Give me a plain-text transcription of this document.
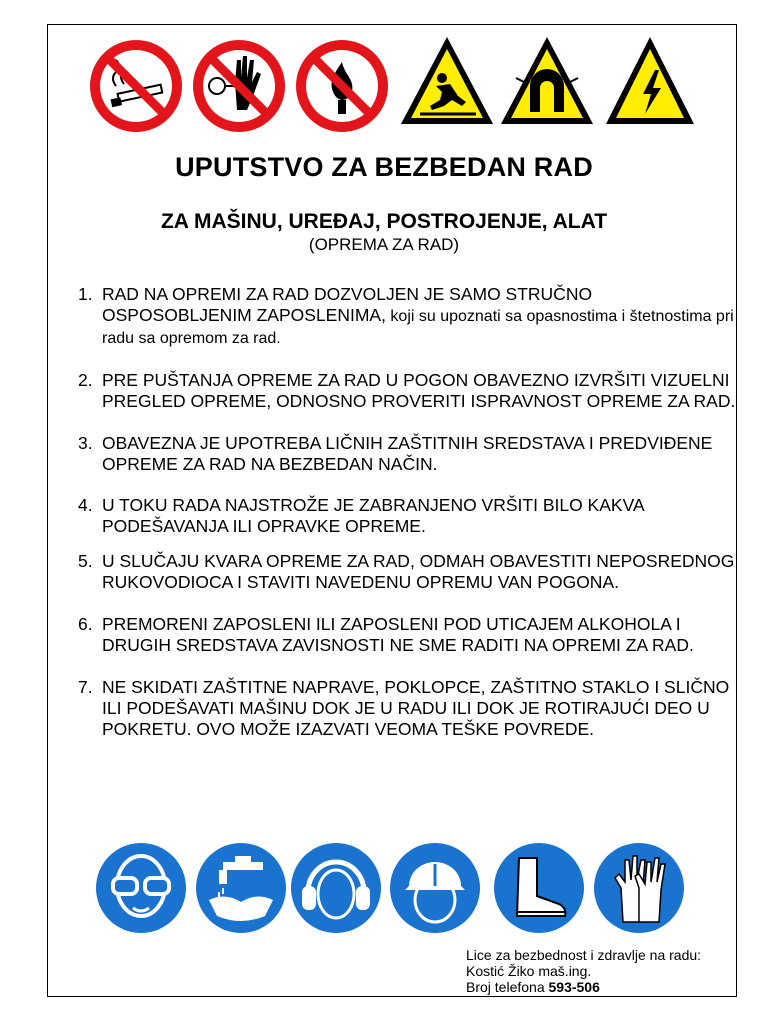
UPUTSTVO ZA BEZBEDAN RAD
ZA MAŠINU, UREĐAJ, POSTROJENJE, ALAT
(OPREMA ZA RAD)
1. RAD NA OPREMI ZA RAD DOZVOLJEN JE SAMO STRUČNO OSPOSOBLJENIM ZAPOSLENIMA, koji su upoznati sa opasnostima i štetnostima pri radu sa opremom za rad.
2. PRE PUŠTANJA OPREME ZA RAD U POGON OBAVEZNO IZVRŠITI VIZUELNI PREGLED OPREME, ODNOSNO PROVERITI ISPRAVNOST OPREME ZA RAD.
3. OBAVEZNA JE UPOTREBA LIČNIH ZAŠTITNIH SREDSTAVA I PREDVIĐENE OPREME ZA RAD NA BEZBEDAN NAČIN.
4. U TOKU RADA NAJSTROŽE JE ZABRANJENO VRŠITI BILO KAKVA PODEŠAVANJA ILI OPRAVKE OPREME.
5. U SLUČAJU KVARA OPREME ZA RAD, ODMAH OBAVESTITI NEPOSREDNOG RUKOVODIOCA I STAVITI NAVEDENU OPREMU VAN POGONA.
6. PREMORENI ZAPOSLENI ILI ZAPOSLENI POD UTICAJEM ALKOHOLA I DRUGIH SREDSTAVA ZAVISNOSTI NE SME RADITI NA OPREMI ZA RAD.
7. NE SKIDATI ZAŠTITNE NAPRAVE, POKLOPCE, ZAŠTITNO STAKLO I SLIČNO ILI PODEŠAVATI MAŠINU DOK JE U RADU ILI DOK JE ROTIRAJUĆI DEO U POKRETU. OVO MOŽE IZAZVATI VEOMA TEŠKE POVREDE.
Lice za bezbednost i zdravlje na radu:
Kostić Žiko maš.ing.
Broj telefona 593-506
